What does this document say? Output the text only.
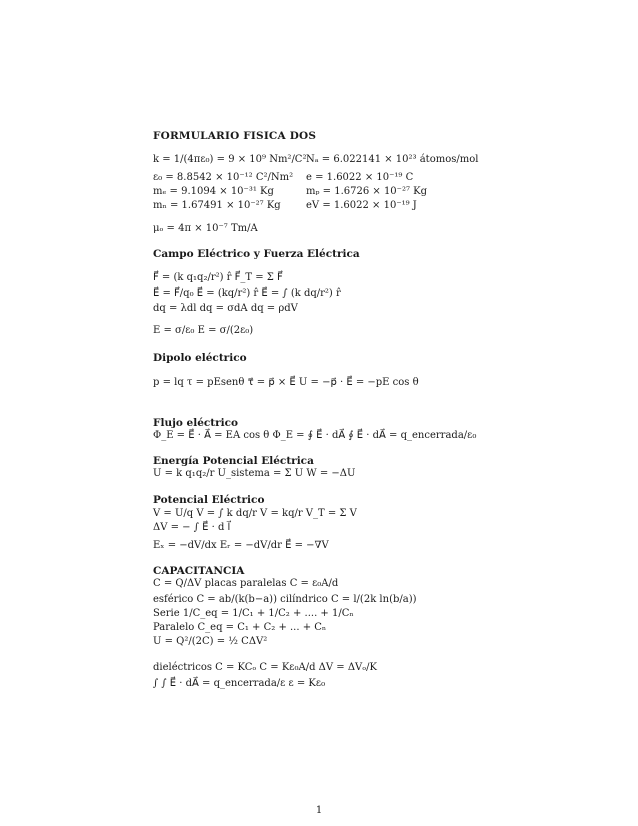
FORMULARIO FISICA DOS
k = 1/(4πε₀) = 9 × 10⁹ Nm²/C² Nₐ = 6.022141 × 10²³ átomos/mol
ε₀ = 8.8542 × 10⁻¹² C²/Nm² e = 1.6022 × 10⁻¹⁹ C
mₑ = 9.1094 × 10⁻³¹ Kg	mₚ = 1.6726 × 10⁻²⁷ Kg
mₙ = 1.67491 × 10⁻²⁷ Kg	eV = 1.6022 × 10⁻¹⁹ J
μₒ = 4π × 10⁻⁷ Tm/A
Campo Eléctrico y Fuerza Eléctrica
F⃗ = (k q₁q₂/r²) r̂ F⃗_T = Σ F⃗
E⃗ = F⃗/q₀ E⃗ = (kq/r²) r̂ E⃗ = ∫ (k dq/r²) r̂
dq = λdl dq = σdA dq = ρdV
E = σ/ε₀ E = σ/(2ε₀)
Dipolo eléctrico
p = lq τ = pEsenθ τ⃗ = p⃗ × E⃗ U = −p⃗ · E⃗ = −pE cos θ
Flujo eléctrico
Φ_E = E⃗ · A⃗ = EA cos θ Φ_E = ∮ E⃗ · dA⃗ ∮ E⃗ · dA⃗ = q_encerrada/ε₀
Energía Potencial Eléctrica
U = k q₁q₂/r U_sistema = Σ U W = −ΔU
Potencial Eléctrico
V = U/q V = ∫ k dq/r V = kq/r V_T = Σ V
ΔV = − ∫ E⃗ · d l⃗
Eₓ = −dV/dx Eᵣ = −dV/dr E⃗ = −∇V
CAPACITANCIA
C = Q/ΔV placas paralelas C = ε₀A/d
esférico C = ab/(k(b−a)) cilíndrico C = l/(2k ln(b/a))
Serie 1/C_eq = 1/C₁ + 1/C₂ + .... + 1/Cₙ
Paralelo C_eq = C₁ + C₂ + ... + Cₙ
U = Q²/(2C) = ½ CΔV²
dieléctricos C = KCₒ C = Kε₀A/d ΔV = ΔVₒ/K
∫ ∫ E⃗ · dA⃗ = q_encerrada/ε ε = Kε₀
1
